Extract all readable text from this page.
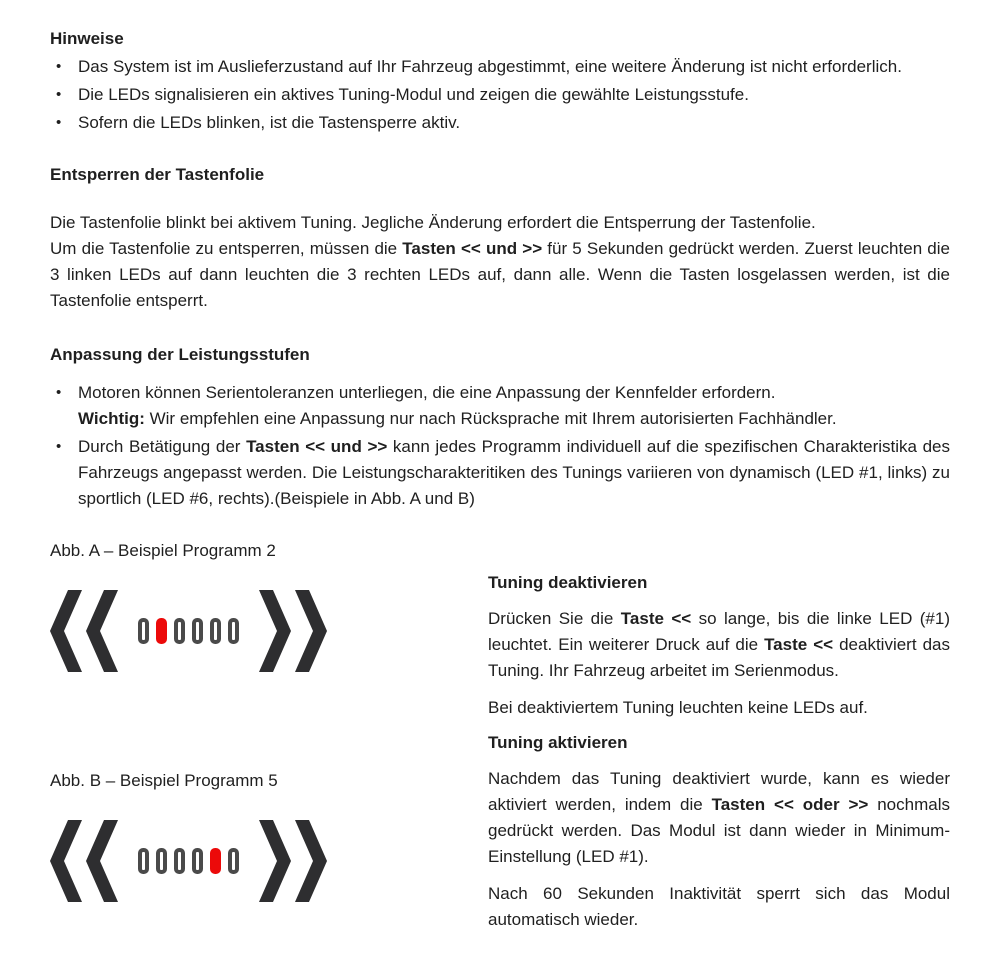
Hinweise
• Das System ist im Auslieferzustand auf Ihr Fahrzeug abgestimmt, eine weitere Änderung ist nicht erforderlich.
• Die LEDs signalisieren ein aktives Tuning-Modul und zeigen die gewählte Leistungsstufe.
• Sofern die LEDs blinken, ist die Tastensperre aktiv.
Entsperren der Tastenfolie

Die Tastenfolie blinkt bei aktivem Tuning. Jegliche Änderung erfordert die Entsperrung der Tastenfolie.

Um die Tastenfolie zu entsperren, müssen die Tasten << und >> für 5 Sekunden gedrückt werden. Zuerst leuchten die 3 linken LEDs auf dann leuchten die 3 rechten LEDs auf, dann alle. Wenn die Tasten losgelassen werden, ist die Tastenfolie entsperrt.

Anpassung der Leistungsstufen
• Motoren können Serientoleranzen unterliegen, die eine Anpassung der Kennfelder erfordern.

Wichtig: Wir empfehlen eine Anpassung nur nach Rücksprache mit Ihrem autorisierten Fachhändler.

• Durch Betätigung der Tasten << und >> kann jedes Programm individuell auf die spezifischen Charakteristika des Fahrzeugs angepasst werden. Die Leistungscharakteritiken des Tunings variieren von dynamisch (LED #1, links) zu sportlich (LED #6, rechts).(Beispiele in Abb. A und B)

Abb. A – Beispiel Programm 2

Abb. B – Beispiel Programm 5

Tuning deaktivieren

Drücken Sie die Taste << so lange, bis die linke LED (#1) leuchtet. Ein weiterer Druck auf die Taste << deaktiviert das Tuning. Ihr Fahrzeug arbeitet im Serienmodus.

Bei deaktiviertem Tuning leuchten keine LEDs auf.

Tuning aktivieren

Nachdem das Tuning deaktiviert wurde, kann es wieder aktiviert werden, indem die Tasten << oder >> nochmals gedrückt werden. Das Modul ist dann wieder in Minimum-Einstellung (LED #1).

Nach 60 Sekunden Inaktivität sperrt sich das Modul automatisch wieder.
